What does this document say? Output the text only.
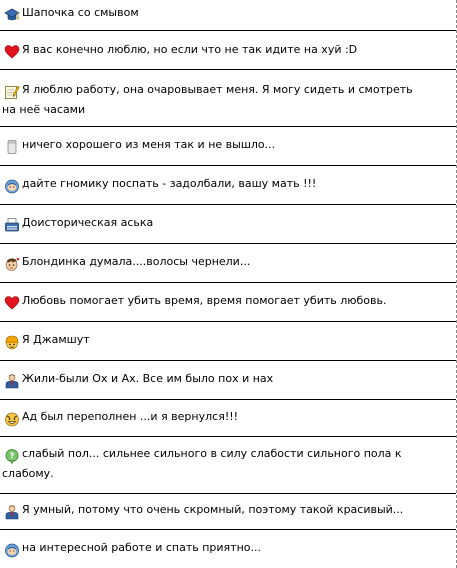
Шапочка со смывом
Я вас конечно люблю, но если что не так идите на хуй :D
Я люблю работу, она очаровывает меня. Я могу сидеть и смотреть
на неё часами
ничего хорошего из меня так и не вышло...
дайте гномику поспать - задолбали, вашу мать !!!
Доисторическая аська
Блондинка думала....волосы чернели...
Любовь помогает убить время, время помогает убить любовь.
Я Джамшут
Жили-были Ох и Ах. Все им было пох и нах
Ад был переполнен ...и я вернулся!!!
? слабый пол... сильнее сильного в силу слабости сильного пола к
слабому.
Я умный, потому что очень скромный, поэтому такой красивый...
на интересной работе и спать приятно...
